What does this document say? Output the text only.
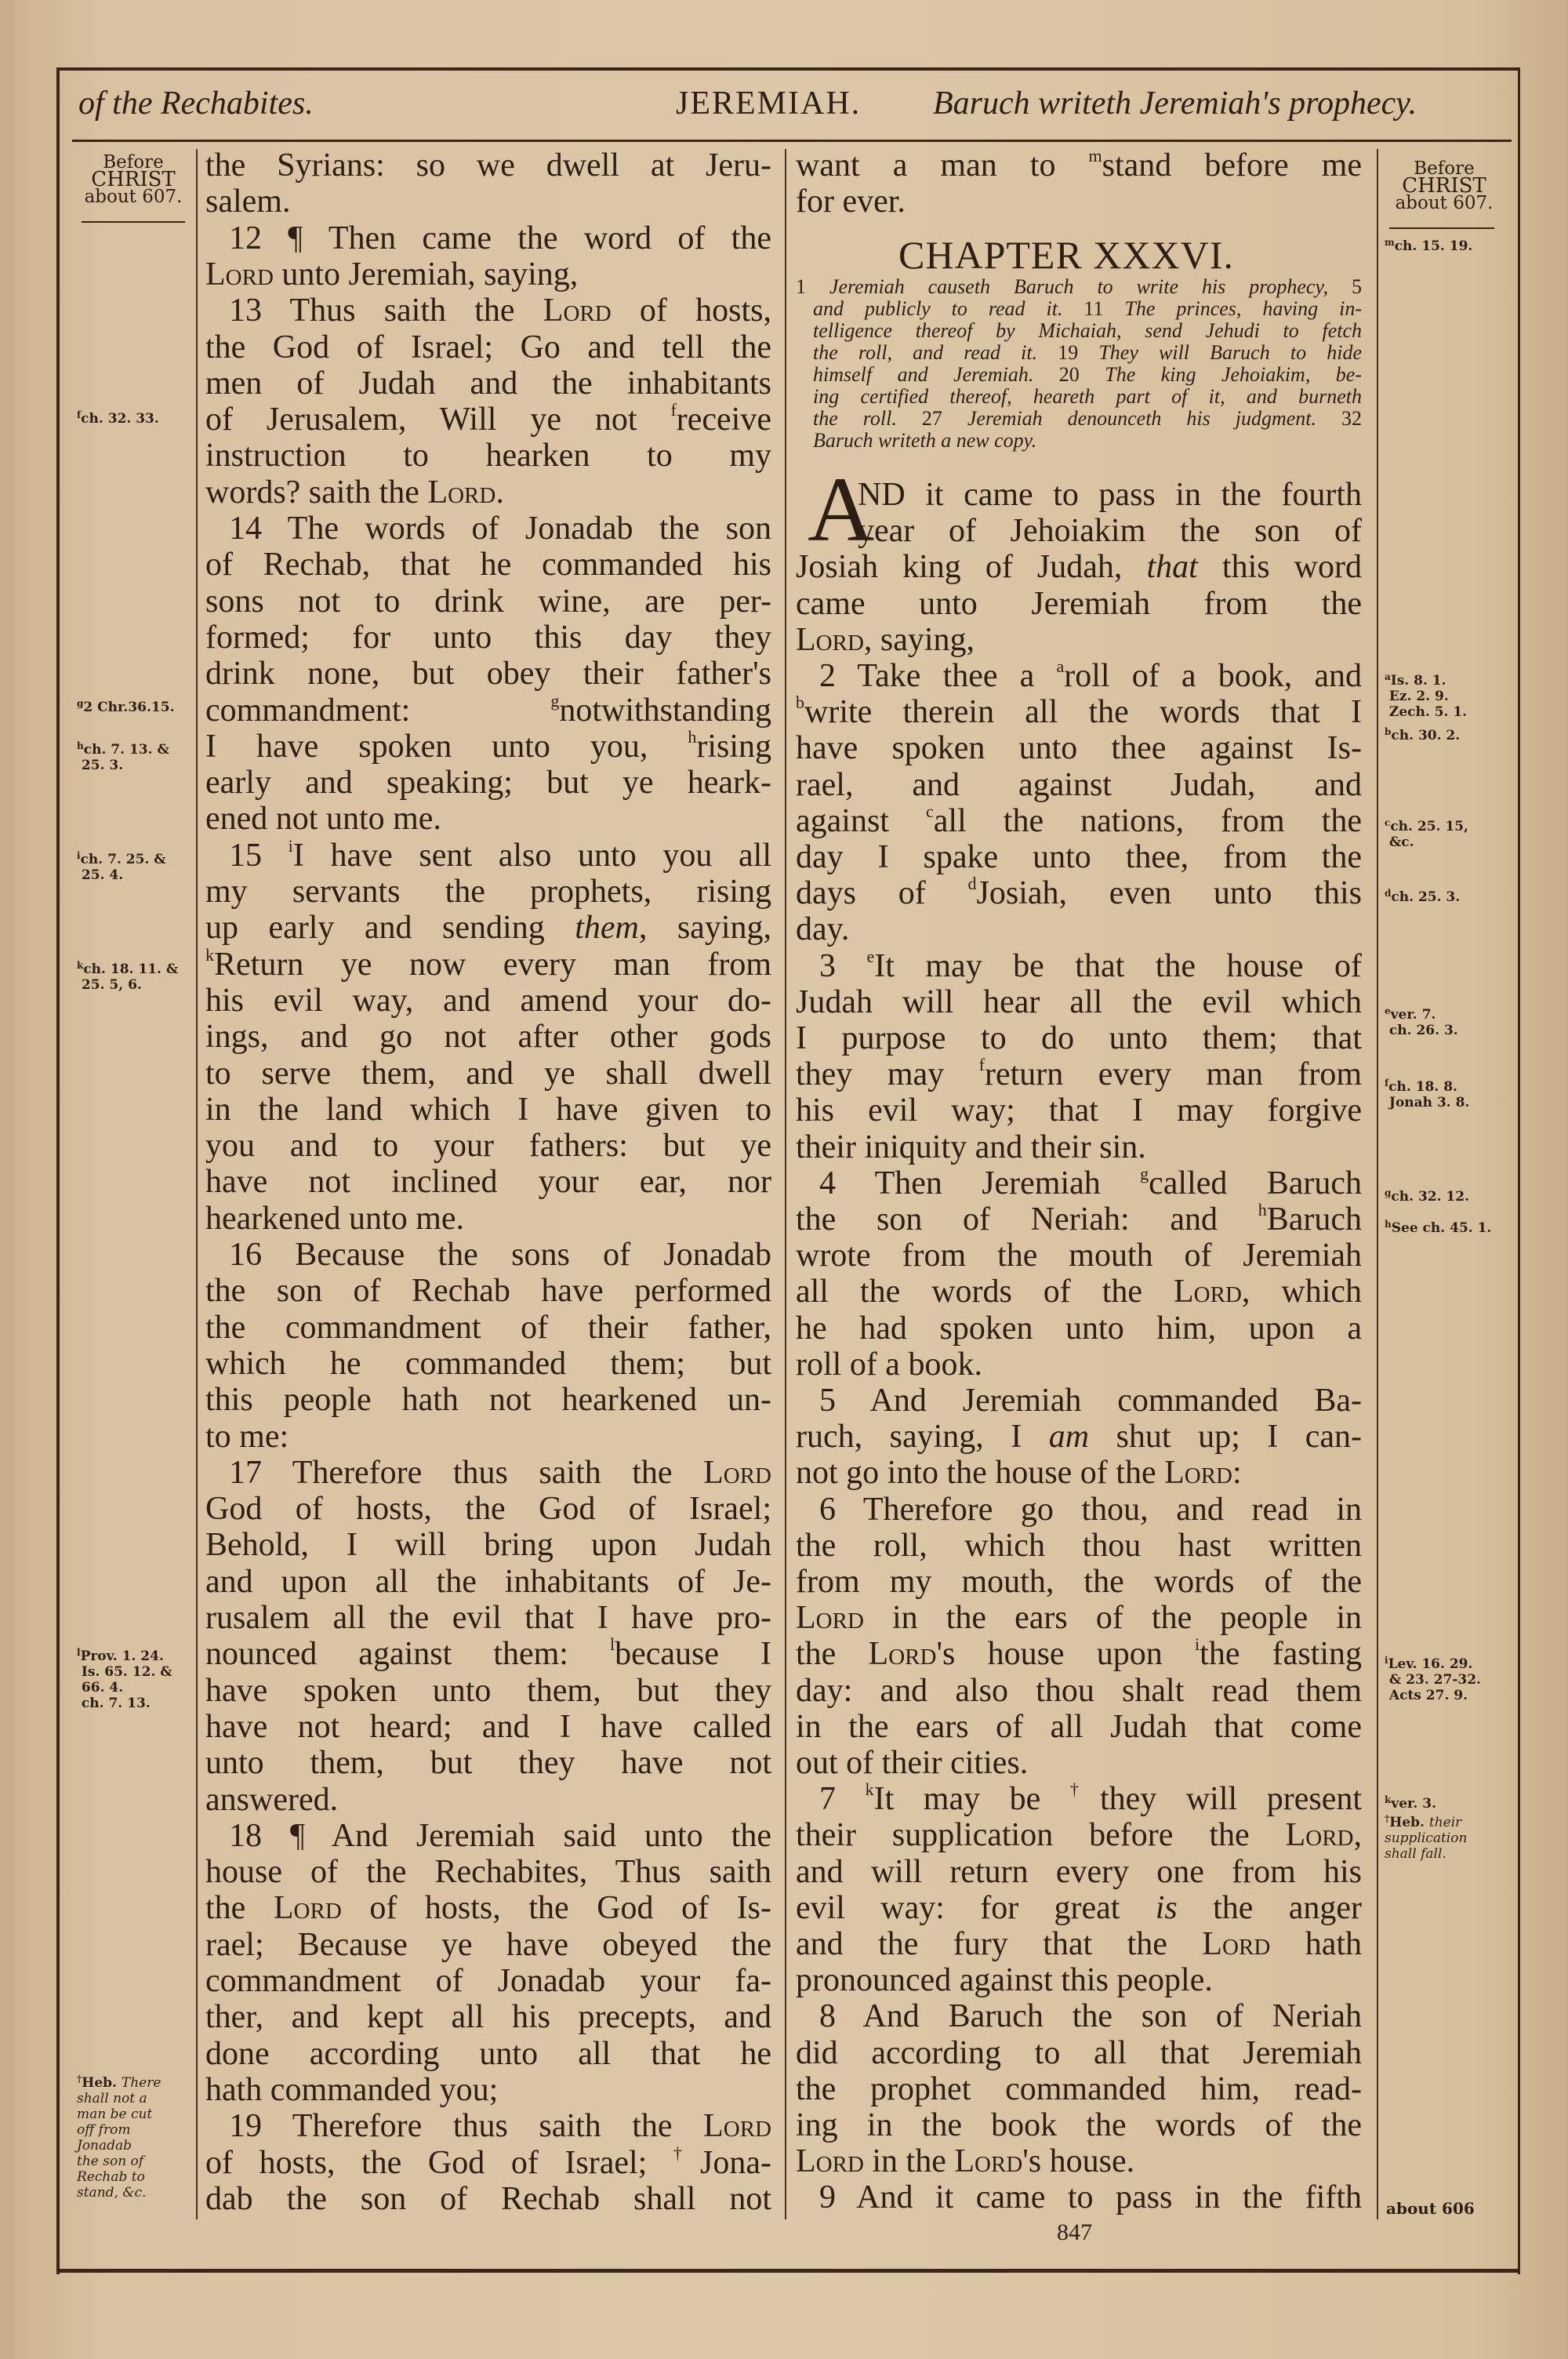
of the Rechabites.	JEREMIAH. Baruch writeth Jeremiah's prophecy.
Before
CHRIST
about 607.
$^f$ch. 32. 33.
$^g$2 Chr.36.15.
$^h$ch. 7. 13. &
25. 3.
$^i$ch. 7. 25. &
25. 4.
$^k$ch. 18. 11. &
25. 5, 6.
$^l$Prov. 1. 24.
Is. 65. 12. &
66. 4.
ch. 7. 13.
†Heb. There
shall not a
man be cut
off from
Jonadab
the son of
Rechab to
stand, &c.
Before
CHRIST
about 607.
$^m$ch. 15. 19.
$^a$Is. 8. 1.
Ez. 2. 9.
Zech. 5. 1.
$^b$ch. 30. 2.
$^c$ch. 25. 15,
&c.
$^d$ch. 25. 3.
$^e$ver. 7.
ch. 26. 3.
$^f$ch. 18. 8.
Jonah 3. 8.
$^g$ch. 32. 12.
$^h$See ch. 45. 1.
$^i$Lev. 16. 29.
& 23. 27-32.
Acts 27. 9.
$^k$ver. 3.
†Heb. their
supplication
shall fall.
about 606
the Syrians: so we dwell at Jeru-
salem.
12 ¶ Then came the word of the
Lord unto Jeremiah, saying,
13 Thus saith the Lord of hosts,
the God of Israel; Go and tell the
men of Judah and the inhabitants
of Jerusalem, Will ye not $^f$receive
instruction to hearken to my
words? saith the Lord.
14 The words of Jonadab the son
of Rechab, that he commanded his
sons not to drink wine, are per-
formed; for unto this day they
drink none, but obey their father's
commandment: $^g$notwithstanding
I have spoken unto you, $^h$rising
early and speaking; but ye heark-
ened not unto me.
15 $^i$I have sent also unto you all
my servants the prophets, rising
up early and sending them, saying,
$^k$Return ye now every man from
his evil way, and amend your do-
ings, and go not after other gods
to serve them, and ye shall dwell
in the land which I have given to
you and to your fathers: but ye
have not inclined your ear, nor
hearkened unto me.
16 Because the sons of Jonadab
the son of Rechab have performed
the commandment of their father,
which he commanded them; but
this people hath not hearkened un-
to me:
17 Therefore thus saith the Lord
God of hosts, the God of Israel;
Behold, I will bring upon Judah
and upon all the inhabitants of Je-
rusalem all the evil that I have pro-
nounced against them: $^l$because I
have spoken unto them, but they
have not heard; and I have called
unto them, but they have not
answered.
18 ¶ And Jeremiah said unto the
house of the Rechabites, Thus saith
the Lord of hosts, the God of Is-
rael; Because ye have obeyed the
commandment of Jonadab your fa-
ther, and kept all his precepts, and
done according unto all that he
hath commanded you;
19 Therefore thus saith the Lord
of hosts, the God of Israel; †Jona-
dab the son of Rechab shall not
want a man to $^m$stand before me
for ever.
CHAPTER XXXVI.
1 Jeremiah causeth Baruch to write his prophecy, 5
and publicly to read it. 11 The princes, having in-
telligence thereof by Michaiah, send Jehudi to fetch
the roll, and read it. 19 They will Baruch to hide
himself and Jeremiah. 20 The king Jehoiakim, be-
ing certified thereof, heareth part of it, and burneth
the roll. 27 Jeremiah denounceth his judgment. 32
Baruch writeth a new copy.
A
ND it came to pass in the fourth
year of Jehoiakim the son of
Josiah king of Judah, that this word
came unto Jeremiah from the
Lord, saying,
2 Take thee a $^a$roll of a book, and
$^b$write therein all the words that I
have spoken unto thee against Is-
rael, and against Judah, and
against $^c$all the nations, from the
day I spake unto thee, from the
days of $^d$Josiah, even unto this
day.
3 $^e$It may be that the house of
Judah will hear all the evil which
I purpose to do unto them; that
they may $^f$return every man from
his evil way; that I may forgive
their iniquity and their sin.
4 Then Jeremiah $^g$called Baruch
the son of Neriah: and $^h$Baruch
wrote from the mouth of Jeremiah
all the words of the Lord, which
he had spoken unto him, upon a
roll of a book.
5 And Jeremiah commanded Ba-
ruch, saying, I am shut up; I can-
not go into the house of the Lord:
6 Therefore go thou, and read in
the roll, which thou hast written
from my mouth, the words of the
Lord in the ears of the people in
the Lord's house upon $^i$the fasting
day: and also thou shalt read them
in the ears of all Judah that come
out of their cities.
7 $^k$It may be †they will present
their supplication before the Lord,
and will return every one from his
evil way: for great is the anger
and the fury that the Lord hath
pronounced against this people.
8 And Baruch the son of Neriah
did according to all that Jeremiah
the prophet commanded him, read-
ing in the book the words of the
Lord in the Lord's house.
9 And it came to pass in the fifth
847
